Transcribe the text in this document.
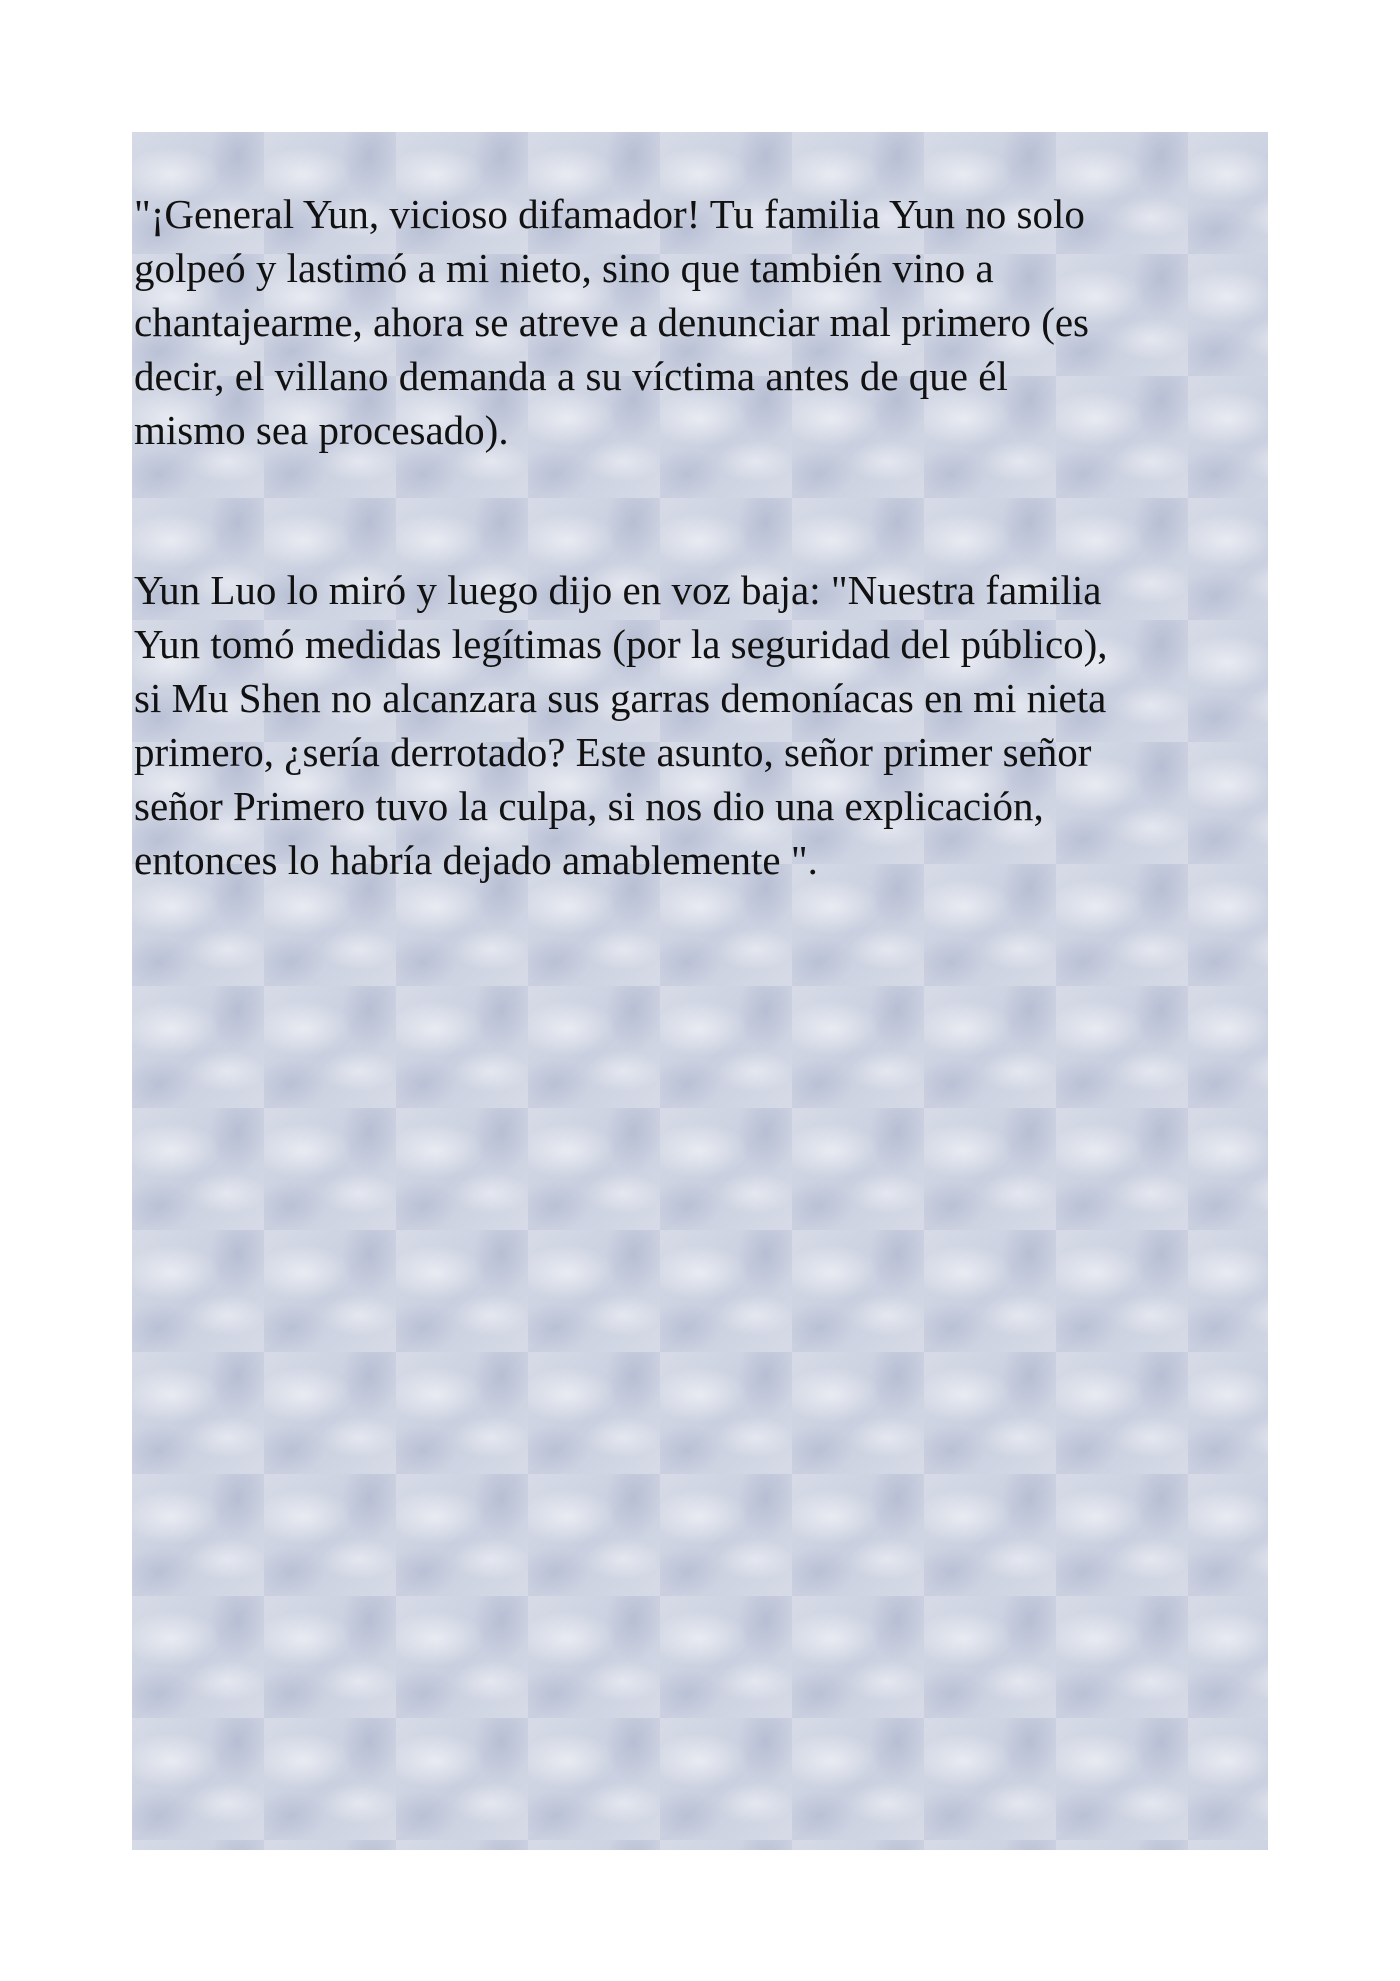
"¡General Yun, vicioso difamador! Tu familia Yun no solo
golpeó y lastimó a mi nieto, sino que también vino a
chantajearme, ahora se atreve a denunciar mal primero (es
decir, el villano demanda a su víctima antes de que él
mismo sea procesado).

Yun Luo lo miró y luego dijo en voz baja: "Nuestra familia
Yun tomó medidas legítimas (por la seguridad del público),
si Mu Shen no alcanzara sus garras demoníacas en mi nieta
primero, ¿sería derrotado? Este asunto, señor primer señor
señor Primero tuvo la culpa, si nos dio una explicación,
entonces lo habría dejado amablemente ".
